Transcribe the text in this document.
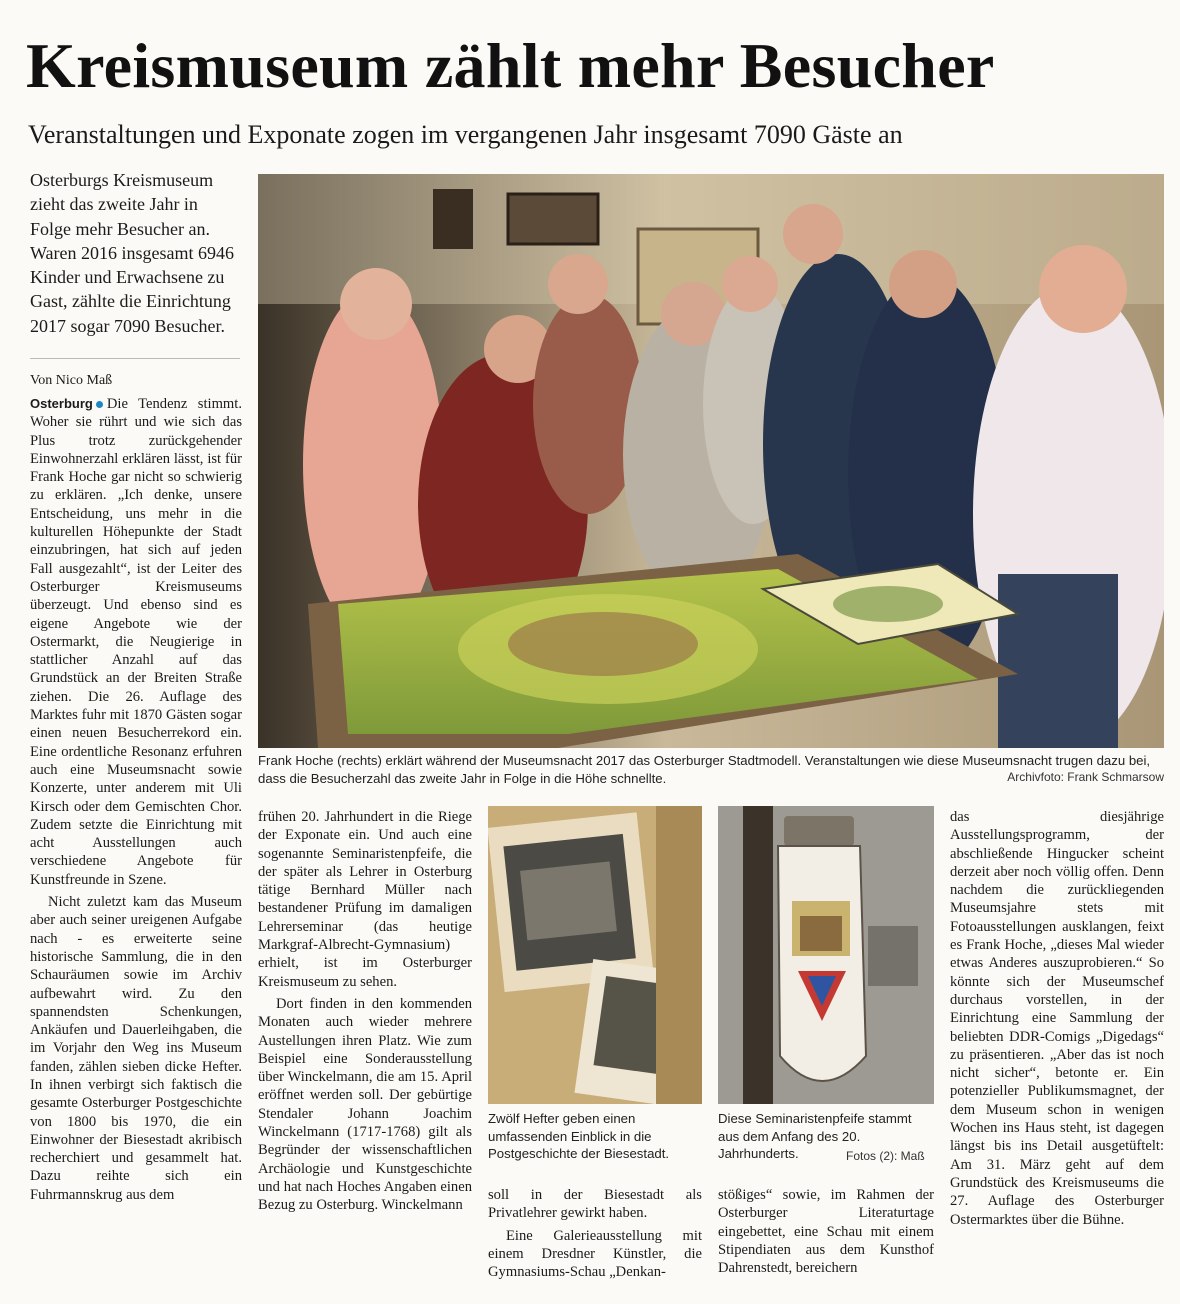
Kreismuseum zählt mehr Besucher
Veranstaltungen und Exponate zogen im vergangenen Jahr insgesamt 7090 Gäste an
Osterburgs Kreismuseum zieht das zweite Jahr in Folge mehr Besucher an. Waren 2016 insgesamt 6946 Kinder und Erwachsene zu Gast, zählte die Einrichtung 2017 sogar 7090 Besucher.
Von Nico Maß

Osterburg Die Tendenz stimmt. Woher sie rührt und wie sich das Plus trotz zurückgehender Einwohnerzahl erklären lässt, ist für Frank Hoche gar nicht so schwierig zu erklären. „Ich denke, unsere Entscheidung, uns mehr in die kulturellen Höhepunkte der Stadt einzubringen, hat sich auf jeden Fall ausgezahlt“, ist der Leiter des Osterburger Kreismuseums überzeugt. Und ebenso sind es eigene Angebote wie der Ostermarkt, die Neugierige in stattlicher Anzahl auf das Grundstück an der Breiten Straße ziehen. Die 26. Auflage des Marktes fuhr mit 1870 Gästen sogar einen neuen Besucherrekord ein. Eine ordentliche Resonanz erfuhren auch eine Museumsnacht sowie Konzerte, unter anderem mit Uli Kirsch oder dem Gemischten Chor. Zudem setzte die Einrichtung mit acht Ausstellungen auch verschiedene Angebote für Kunstfreunde in Szene.

Nicht zuletzt kam das Museum aber auch seiner ureigenen Aufgabe nach - es erweiterte seine historische Sammlung, die in den Schauräumen sowie im Archiv aufbewahrt wird. Zu den spannendsten Schenkungen, Ankäufen und Dauerleihgaben, die im Vorjahr den Weg ins Museum fanden, zählen sieben dicke Hefter. In ihnen verbirgt sich faktisch die gesamte Osterburger Postgeschichte von 1800 bis 1970, die ein Einwohner der Biesestadt akribisch recherchiert und gesammelt hat. Dazu reihte sich ein Fuhrmannskrug aus dem

Frank Hoche (rechts) erklärt während der Museumsnacht 2017 das Osterburger Stadtmodell. Veranstaltungen wie diese Museumsnacht trugen dazu bei, dass die Besucherzahl das zweite Jahr in Folge in die Höhe schnellte.	Archivfoto: Frank Schmarsow

frühen 20. Jahrhundert in die Riege der Exponate ein. Und auch eine sogenannte Seminaristenpfeife, die der später als Lehrer in Osterburg tätige Bernhard Müller nach bestandener Prüfung im damaligen Lehrerseminar (das heutige Markgraf-Albrecht-Gymnasium) erhielt, ist im Osterburger Kreismuseum zu sehen.

Dort finden in den kommenden Monaten auch wieder mehrere Austellungen ihren Platz. Wie zum Beispiel eine Sonderausstellung über Winckelmann, die am 15. April eröffnet werden soll. Der gebürtige Stendaler Johann Joachim Winckelmann (1717-1768) gilt als Begründer der wissenschaftlichen Archäologie und Kunstgeschichte und hat nach Hoches Angaben einen Bezug zu Osterburg. Winckelmann

Zwölf Hefter geben einen umfassenden Einblick in die Postgeschichte der Biesestadt.
Diese Seminaristenpfeife stammt aus dem Anfang des 20. Jahrhunderts.	Fotos (2): Maß

soll in der Biesestadt als Privatlehrer gewirkt haben.

Eine Galerieausstellung mit einem Dresdner Künstler, die Gymnasiums-Schau „Denkan-

stößiges“ sowie, im Rahmen der Osterburger Literaturtage eingebettet, eine Schau mit einem Stipendiaten aus dem Kunsthof Dahrenstedt, bereichern

das diesjährige Ausstellungsprogramm, der abschließende Hingucker scheint derzeit aber noch völlig offen. Denn nachdem die zurückliegenden Museumsjahre stets mit Fotoausstellungen ausklangen, feixt es Frank Hoche, „dieses Mal wieder etwas Anderes auszuprobieren.“ So könnte sich der Museumschef durchaus vorstellen, in der Einrichtung eine Sammlung der beliebten DDR-Comigs „Digedags“ zu präsentieren. „Aber das ist noch nicht sicher“, betonte er. Ein potenzieller Publikumsmagnet, der dem Museum schon in wenigen Wochen ins Haus steht, ist dagegen längst bis ins Detail ausgetüftelt: Am 31. März geht auf dem Grundstück des Kreismuseums die 27. Auflage des Osterburger Ostermarktes über die Bühne.
